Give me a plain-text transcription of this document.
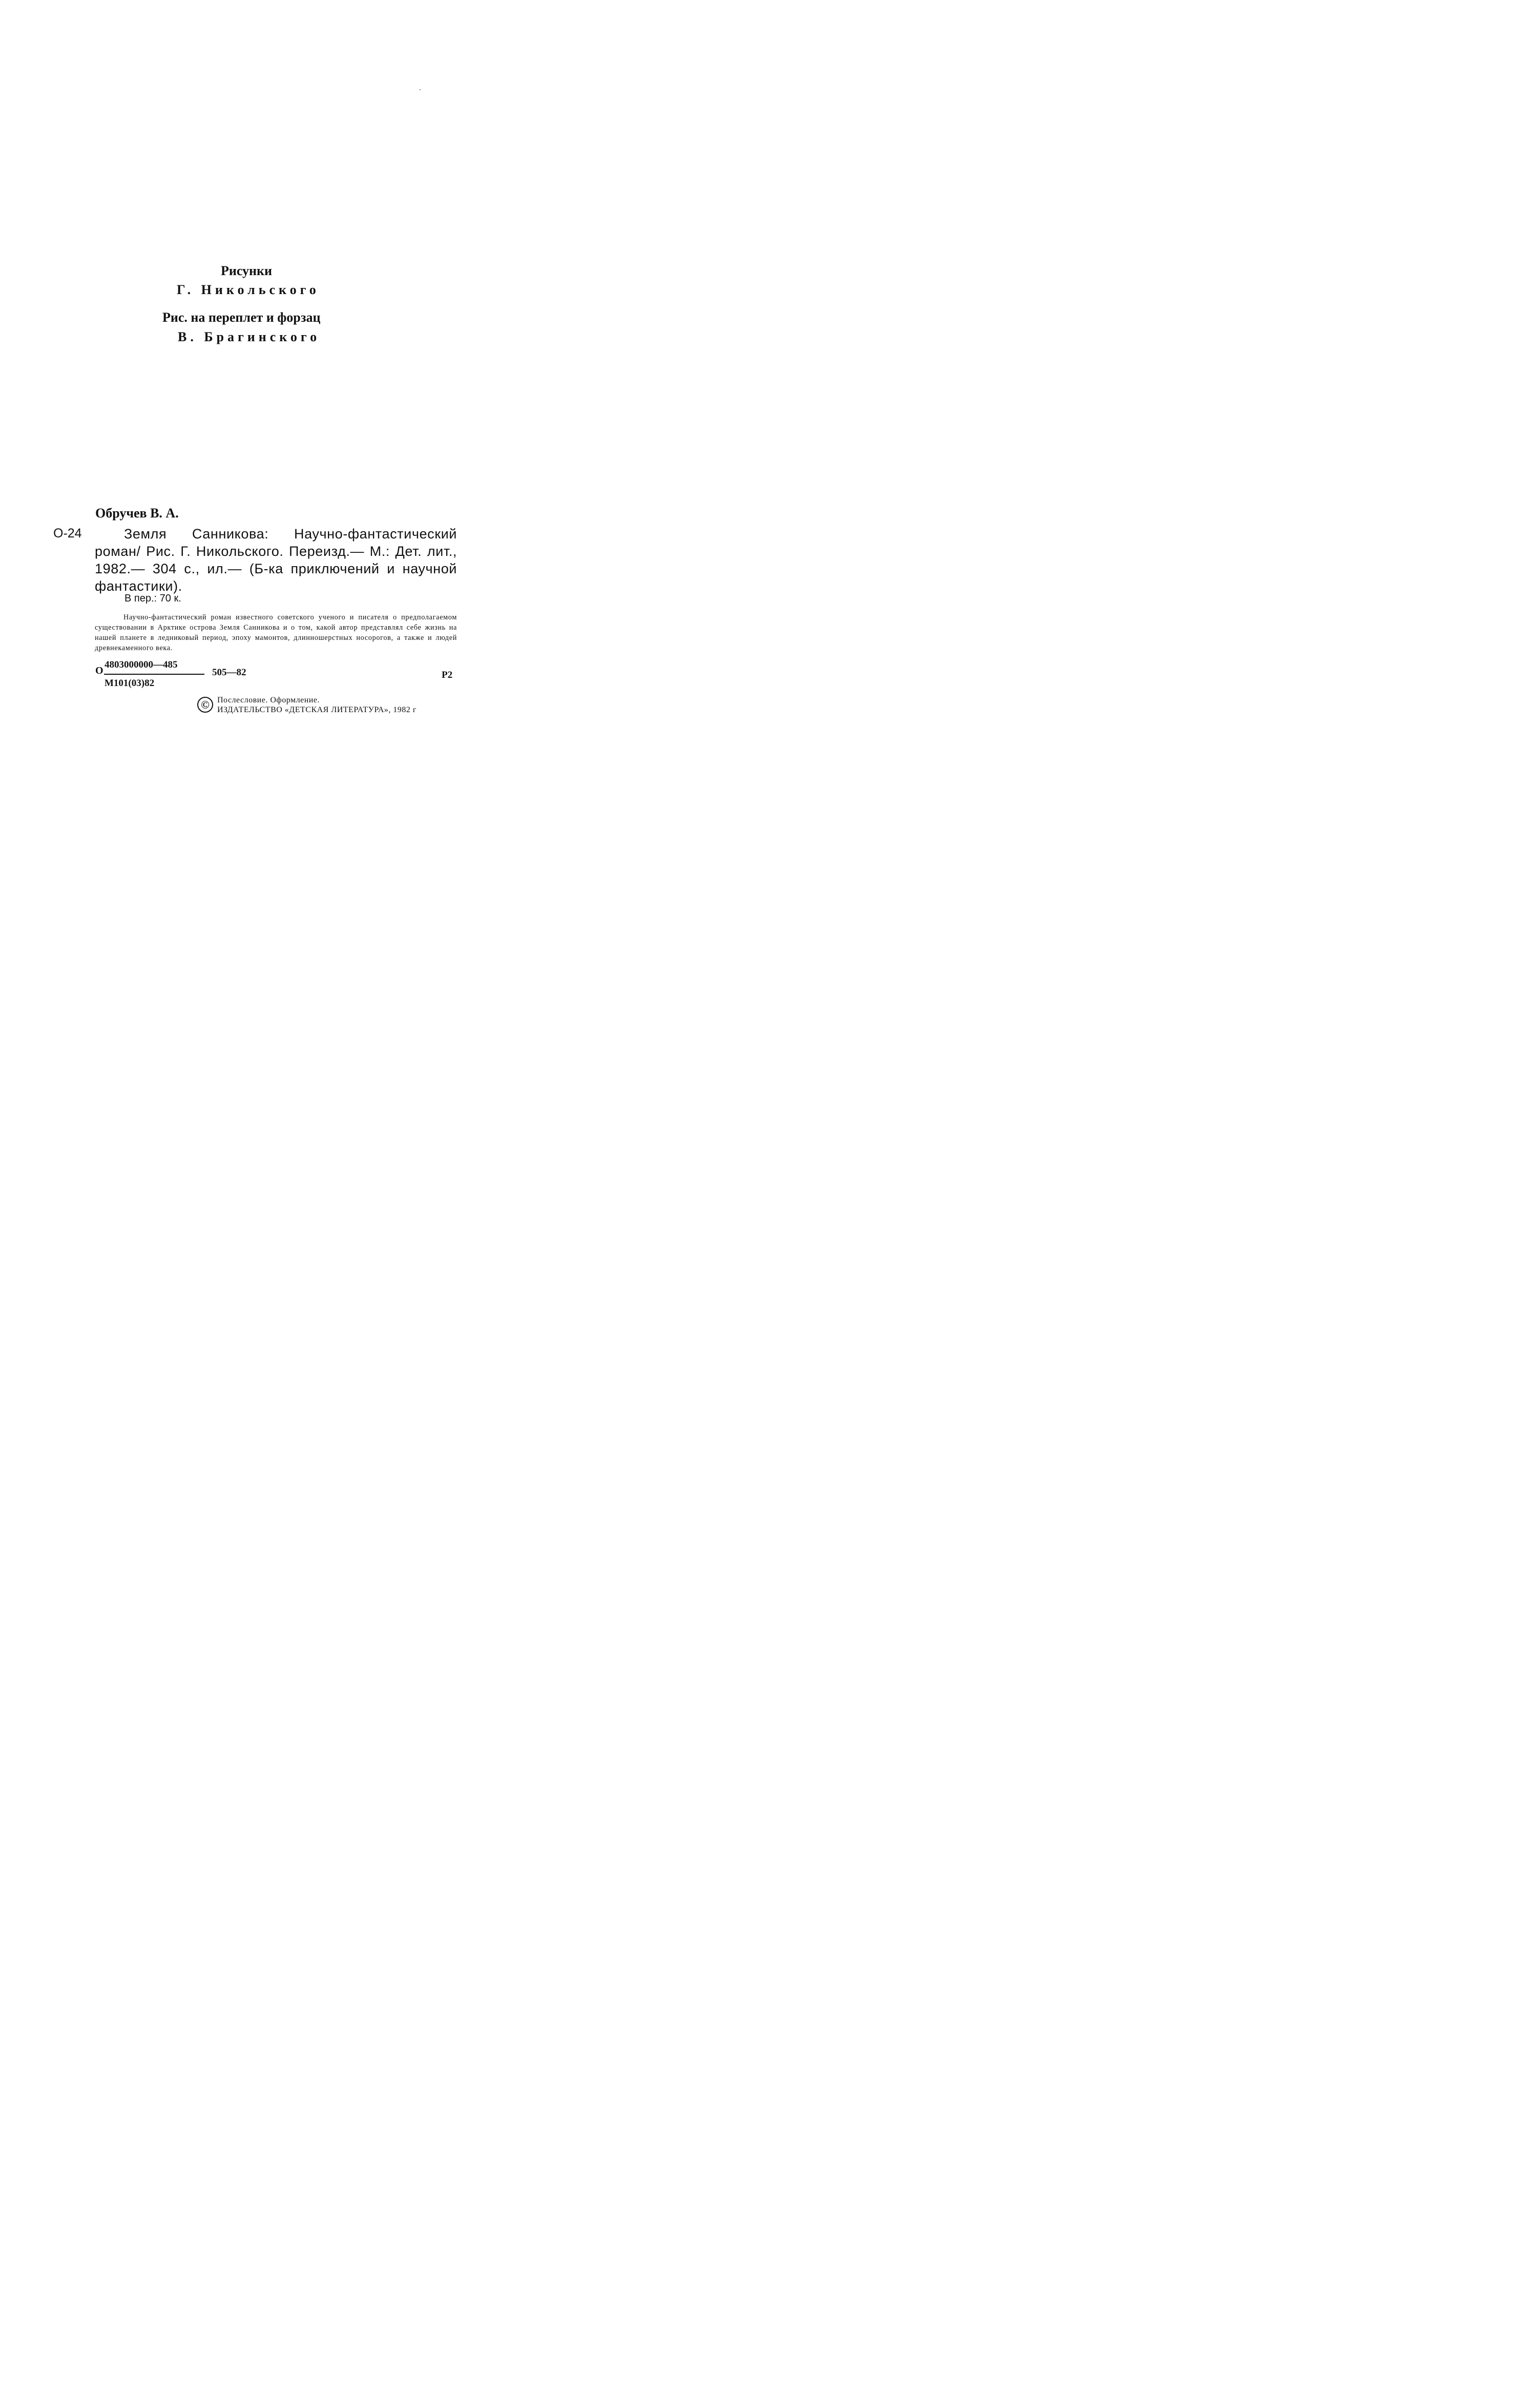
Рисунки
Г. Никольского
Рис. на переплет и форзац
В. Брагинского
Обручев В. А.
О-24	Земля Санникова: Научно-фантастический роман/ Рис. Г. Никольского. Переизд.— М.: Дет. лит., 1982.— 304 с., ил.— (Б-ка приключений и научной фантастики).
В пер.: 70 к.
Научно-фантастический роман известного советского ученого и писателя о предполагаемом существовании в Арктике острова Земля Санникова и о том, какой автор представлял себе жизнь на нашей планете в ледниковый период, эпоху мамонтов, длинношерстных носорогов, а также и людей древнекаменного века.
О
4803000000—485
М101(03)82
505—82	Р2
© Послесловие. Оформление.
ИЗДАТЕЛЬСТВО «ДЕТСКАЯ ЛИТЕРАТУРА», 1982 г
